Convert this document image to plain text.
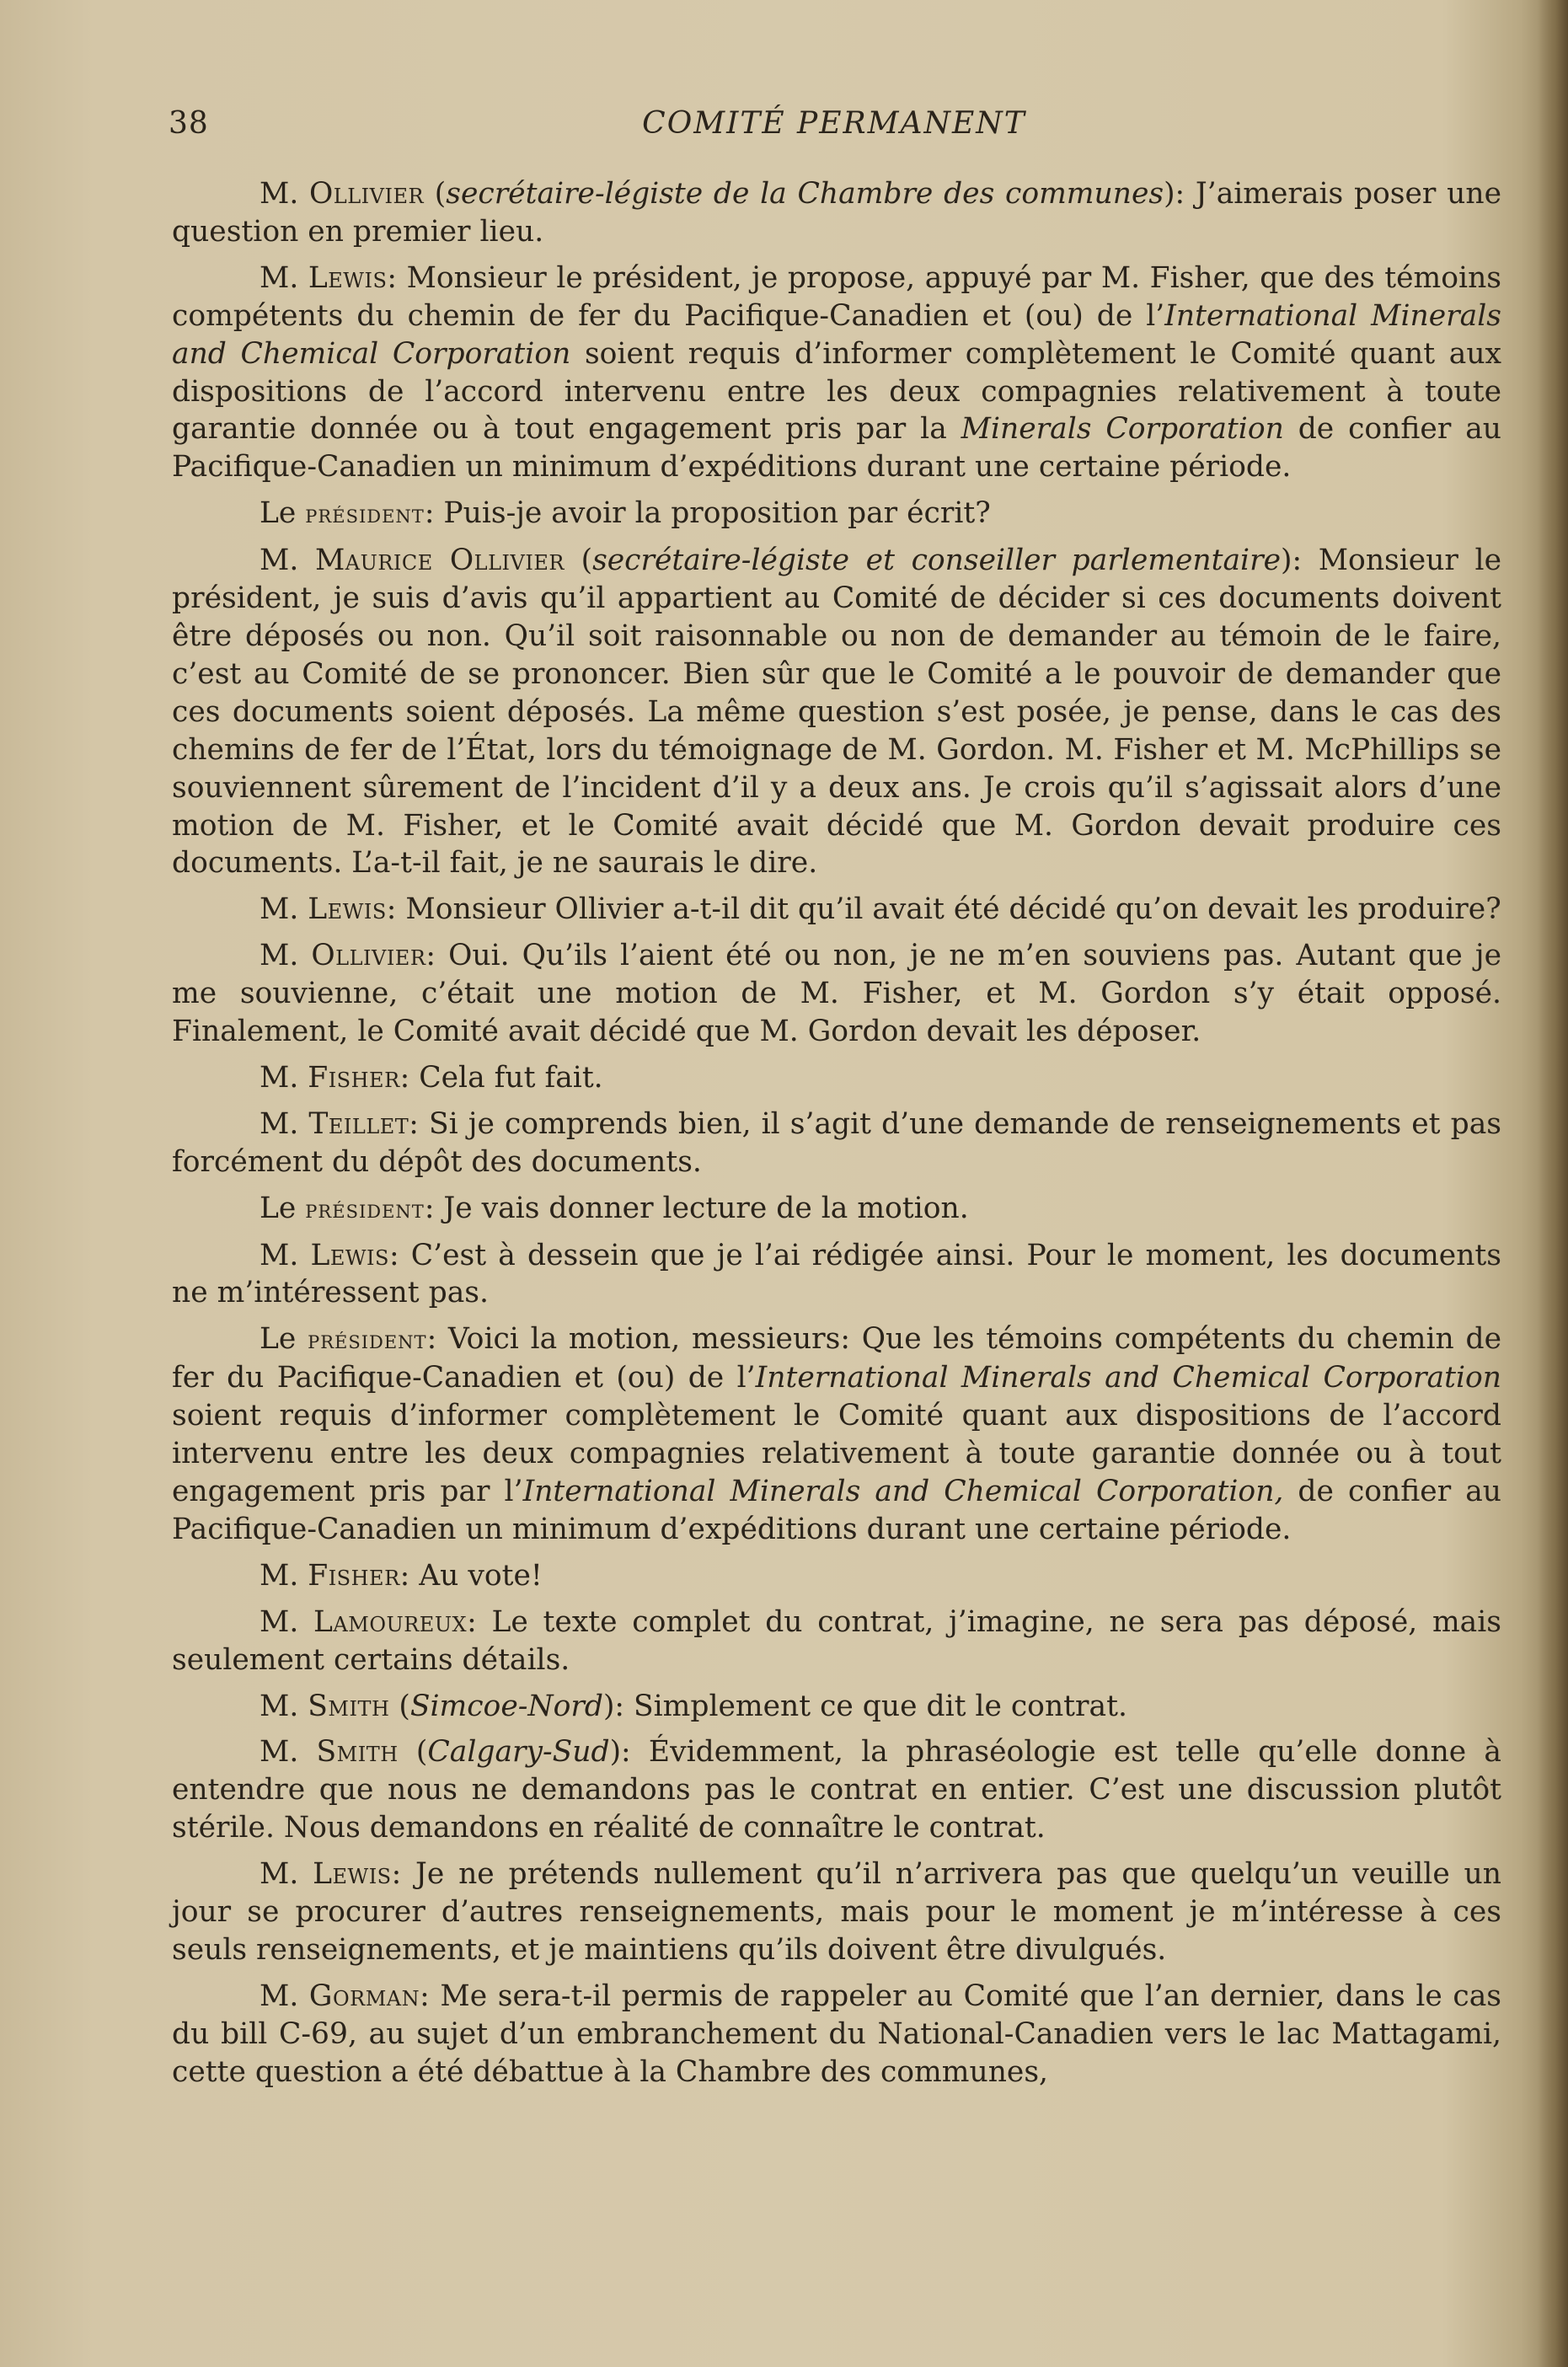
38	COMITÉ PERMANENT

M. Ollivier (secrétaire-légiste de la Chambre des communes): J’aimerais poser une question en premier lieu.

M. Lewis: Monsieur le président, je propose, appuyé par M. Fisher, que des témoins compétents du chemin de fer du Pacifique-Canadien et (ou) de l’International Minerals and Chemical Corporation soient requis d’informer complètement le Comité quant aux dispositions de l’accord intervenu entre les deux compagnies relativement à toute garantie donnée ou à tout engagement pris par la Minerals Corporation de confier au Pacifique-Canadien un minimum d’expéditions durant une certaine période.

Le président: Puis-je avoir la proposition par écrit?

M. Maurice Ollivier (secrétaire-légiste et conseiller parlementaire): Monsieur le président, je suis d’avis qu’il appartient au Comité de décider si ces documents doivent être déposés ou non. Qu’il soit raisonnable ou non de demander au témoin de le faire, c’est au Comité de se prononcer. Bien sûr que le Comité a le pouvoir de demander que ces documents soient déposés. La même question s’est posée, je pense, dans le cas des chemins de fer de l’État, lors du témoignage de M. Gordon. M. Fisher et M. McPhillips se souviennent sûrement de l’incident d’il y a deux ans. Je crois qu’il s’agissait alors d’une motion de M. Fisher, et le Comité avait décidé que M. Gordon devait produire ces documents. L’a-t-il fait, je ne saurais le dire.

M. Lewis: Monsieur Ollivier a-t-il dit qu’il avait été décidé qu’on devait les produire?

M. Ollivier: Oui. Qu’ils l’aient été ou non, je ne m’en souviens pas. Autant que je me souvienne, c’était une motion de M. Fisher, et M. Gordon s’y était opposé. Finalement, le Comité avait décidé que M. Gordon devait les déposer.

M. Fisher: Cela fut fait.

M. Teillet: Si je comprends bien, il s’agit d’une demande de renseignements et pas forcément du dépôt des documents.

Le président: Je vais donner lecture de la motion.

M. Lewis: C’est à dessein que je l’ai rédigée ainsi. Pour le moment, les documents ne m’intéressent pas.

Le président: Voici la motion, messieurs: Que les témoins compétents du chemin de fer du Pacifique-Canadien et (ou) de l’International Minerals and Chemical Corporation soient requis d’informer complètement le Comité quant aux dispositions de l’accord intervenu entre les deux compagnies relativement à toute garantie donnée ou à tout engagement pris par l’International Minerals and Chemical Corporation, de confier au Pacifique-Canadien un minimum d’expéditions durant une certaine période.

M. Fisher: Au vote!

M. Lamoureux: Le texte complet du contrat, j’imagine, ne sera pas déposé, mais seulement certains détails.

M. Smith (Simcoe-Nord): Simplement ce que dit le contrat.

M. Smith (Calgary-Sud): Évidemment, la phraséologie est telle qu’elle donne à entendre que nous ne demandons pas le contrat en entier. C’est une discussion plutôt stérile. Nous demandons en réalité de connaître le contrat.

M. Lewis: Je ne prétends nullement qu’il n’arrivera pas que quelqu’un veuille un jour se procurer d’autres renseignements, mais pour le moment je m’intéresse à ces seuls renseignements, et je maintiens qu’ils doivent être divulgués.

M. Gorman: Me sera-t-il permis de rappeler au Comité que l’an dernier, dans le cas du bill C-69, au sujet d’un embranchement du National-Canadien vers le lac Mattagami, cette question a été débattue à la Chambre des communes,
